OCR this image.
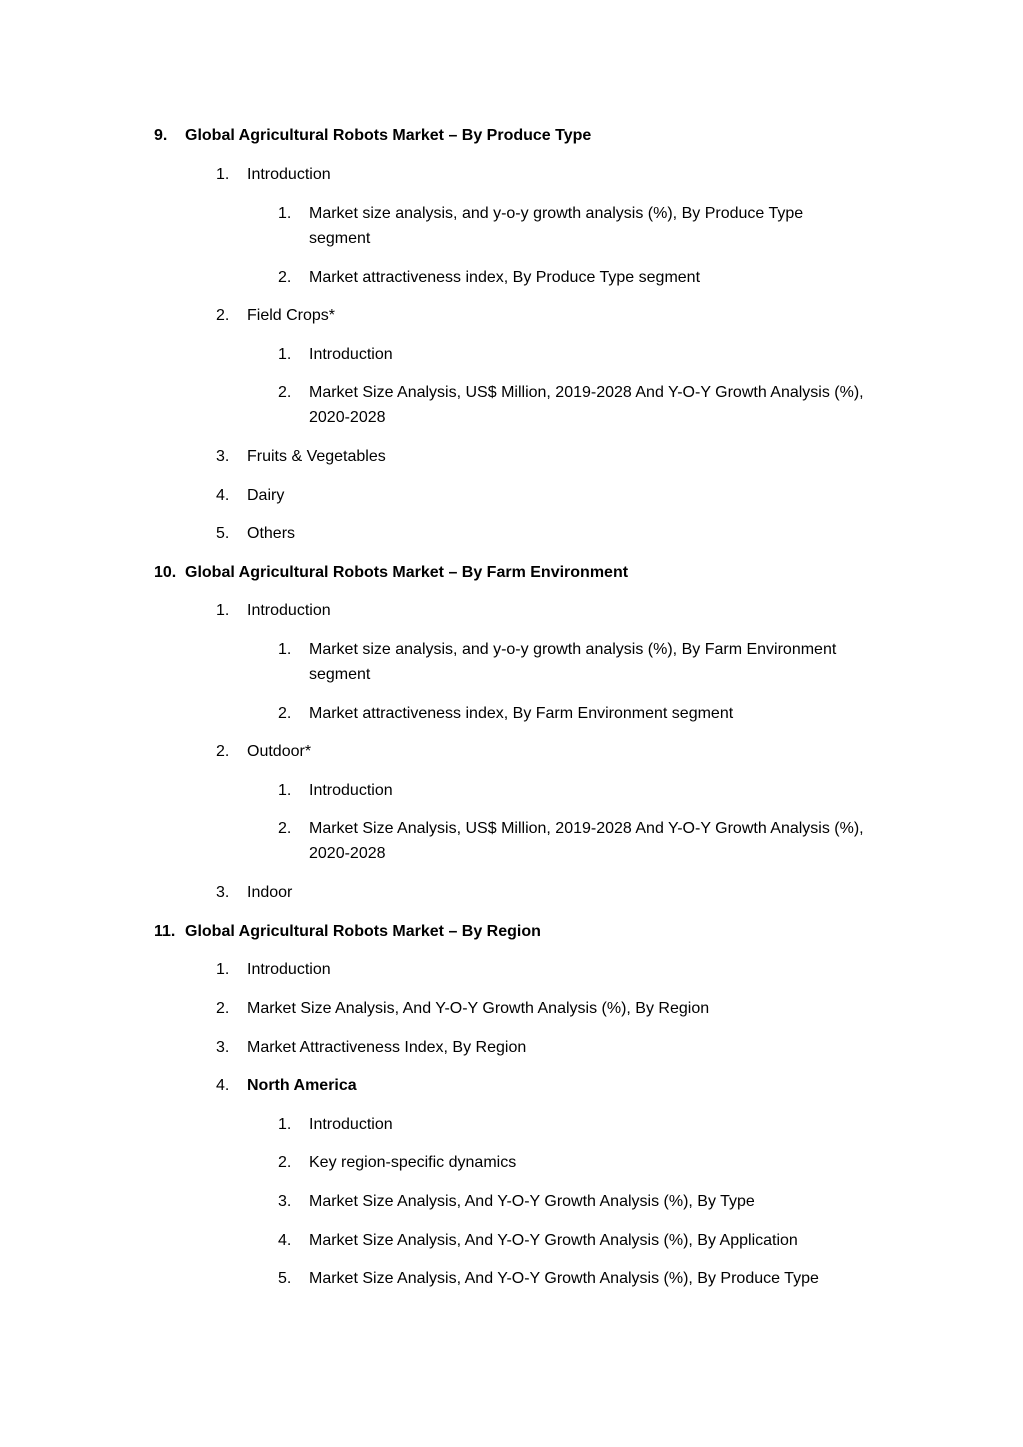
9. Global Agricultural Robots Market – By Produce Type
1. Introduction
1. Market size analysis, and y-o-y growth analysis (%), By Produce Type
segment
2. Market attractiveness index, By Produce Type segment
2. Field Crops*
1. Introduction
2. Market Size Analysis, US$ Million, 2019-2028 And Y-O-Y Growth Analysis (%),
2020-2028
3. Fruits & Vegetables
4. Dairy
5. Others
10. Global Agricultural Robots Market – By Farm Environment
1. Introduction
1. Market size analysis, and y-o-y growth analysis (%), By Farm Environment
segment
2. Market attractiveness index, By Farm Environment segment
2. Outdoor*
1. Introduction
2. Market Size Analysis, US$ Million, 2019-2028 And Y-O-Y Growth Analysis (%),
2020-2028
3. Indoor
11. Global Agricultural Robots Market – By Region
1. Introduction
2. Market Size Analysis, And Y-O-Y Growth Analysis (%), By Region
3. Market Attractiveness Index, By Region
4. North America
1. Introduction
2. Key region-specific dynamics
3. Market Size Analysis, And Y-O-Y Growth Analysis (%), By Type
4. Market Size Analysis, And Y-O-Y Growth Analysis (%), By Application
5. Market Size Analysis, And Y-O-Y Growth Analysis (%), By Produce Type
